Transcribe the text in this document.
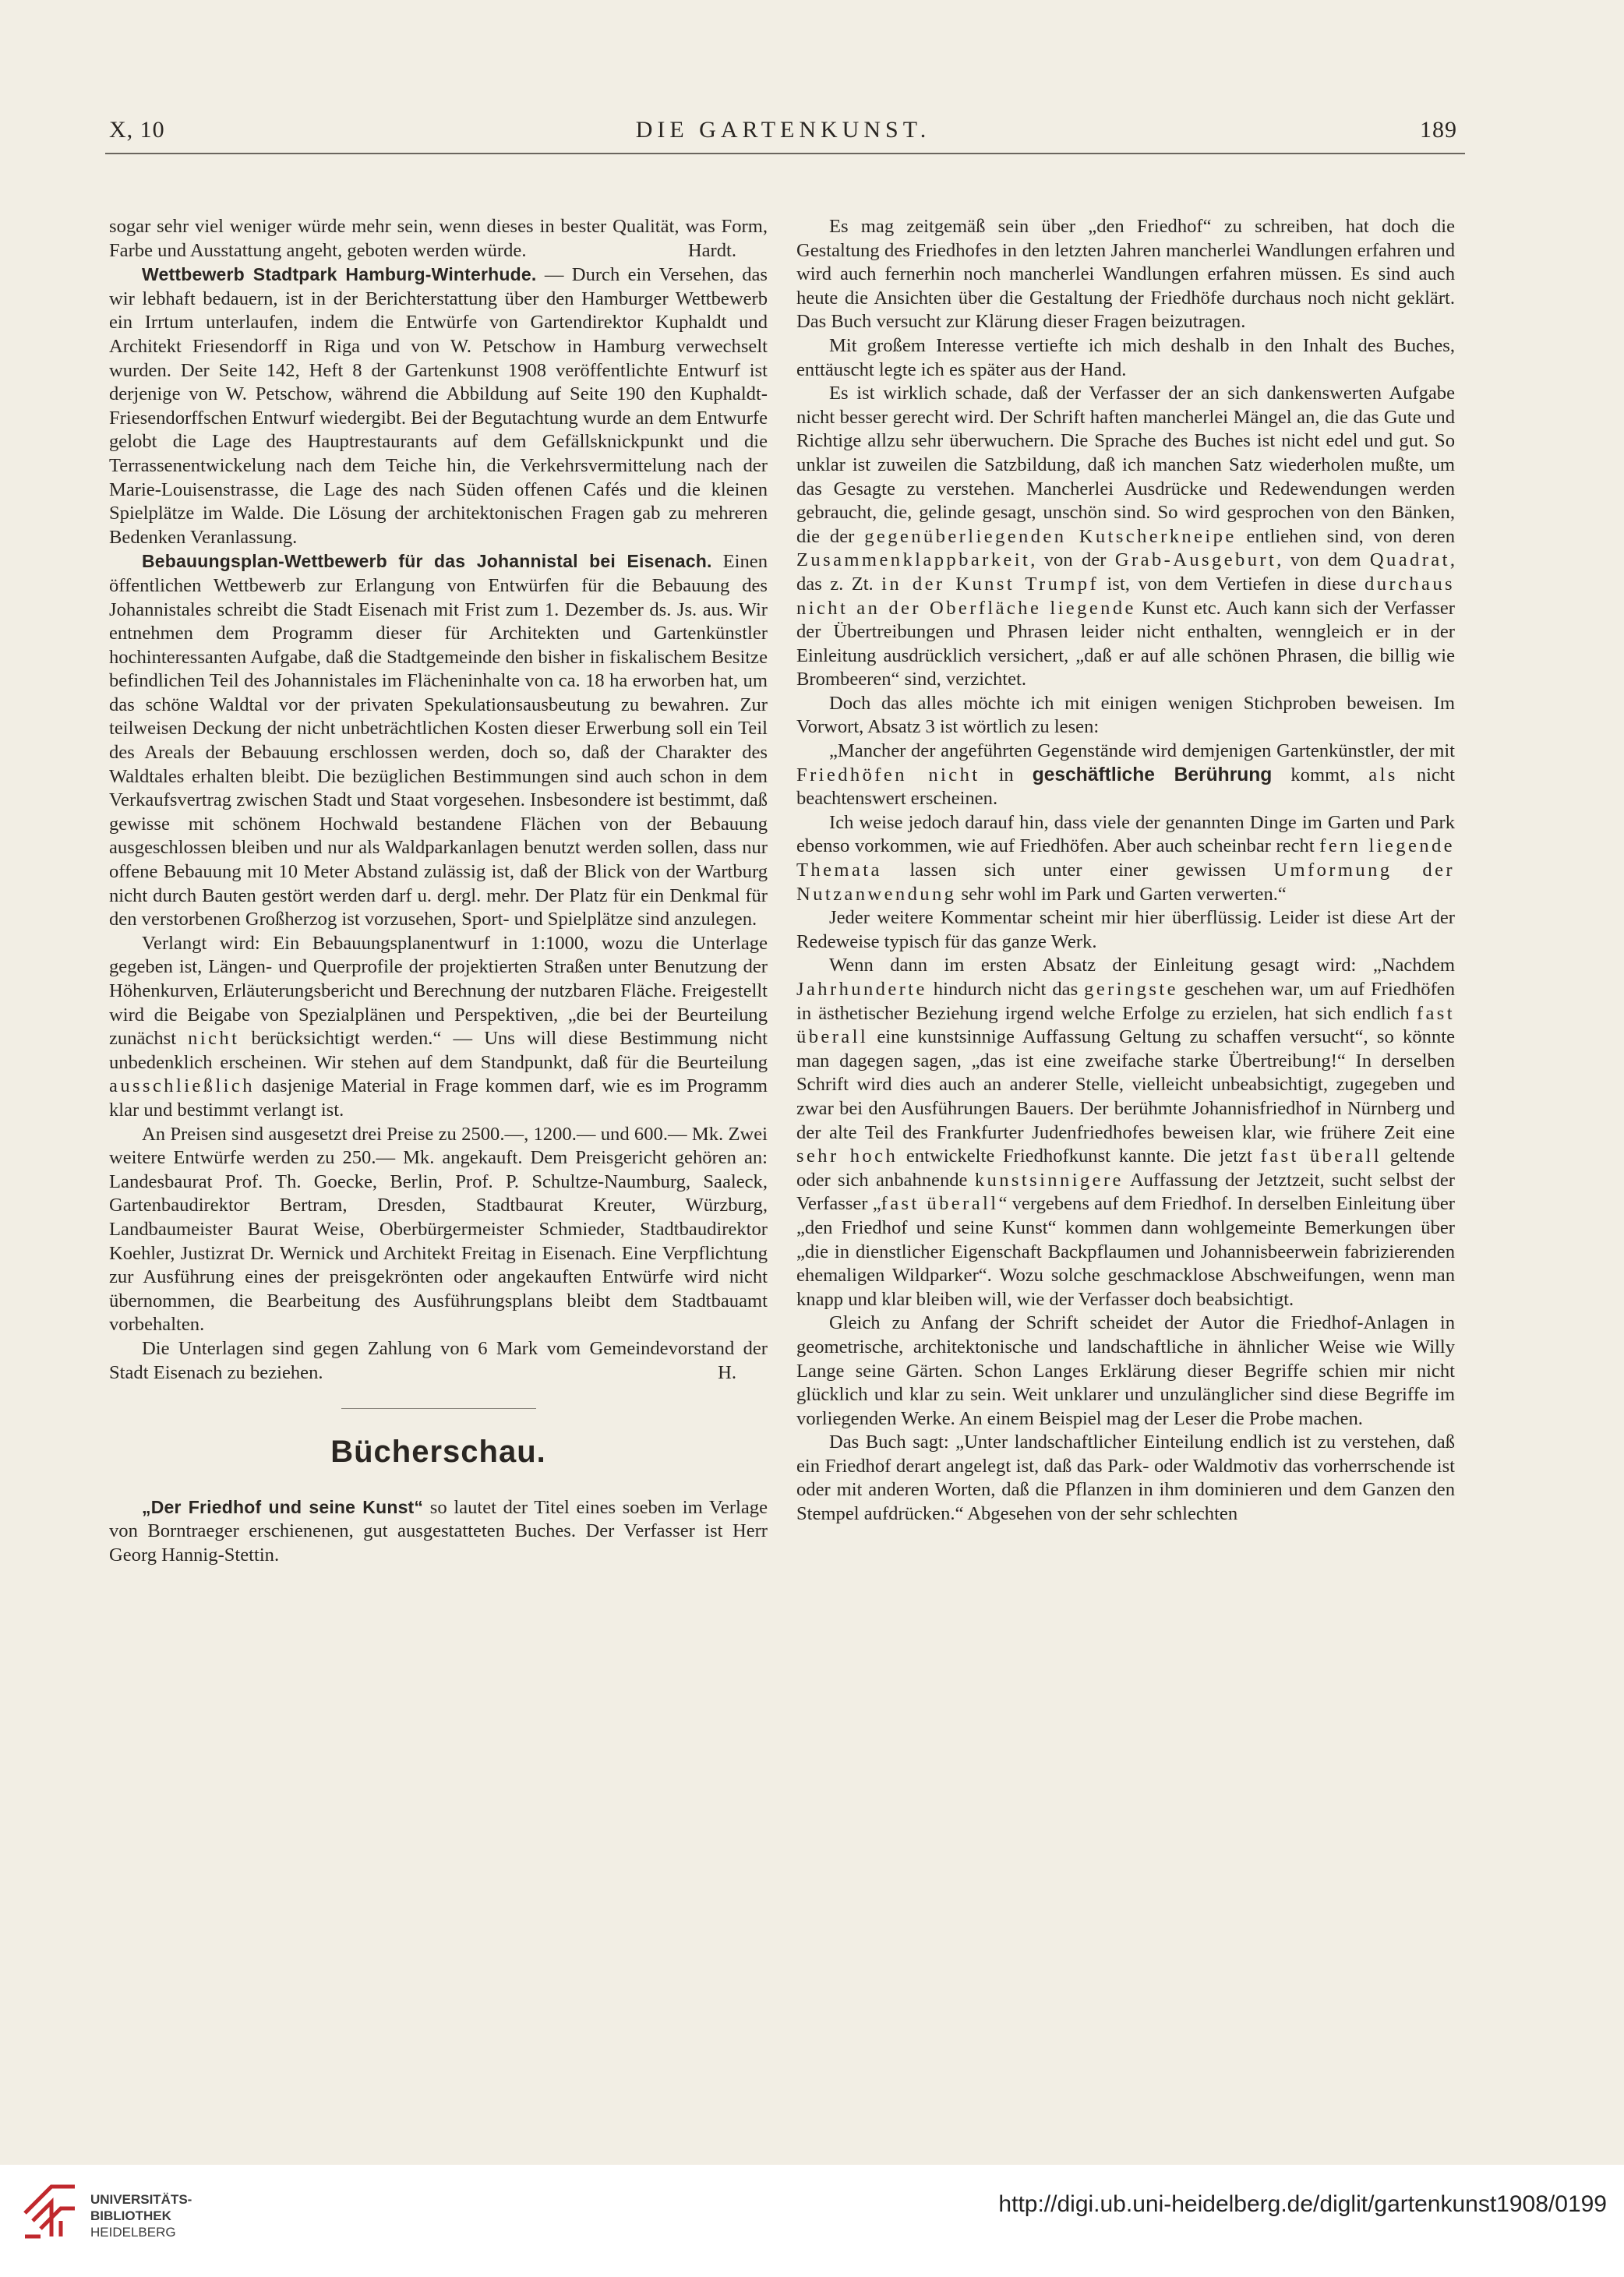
X, 10	DIE GARTENKUNST.	189

sogar sehr viel weniger würde mehr sein, wenn dieses in bester Qualität, was Form, Farbe und Ausstattung angeht, geboten werden würde.	Hardt.

Wettbewerb Stadtpark Hamburg-Winterhude. — Durch ein Versehen, das wir lebhaft bedauern, ist in der Berichterstattung über den Hamburger Wettbewerb ein Irrtum unterlaufen, indem die Entwürfe von Gartendirektor Kuphaldt und Architekt Friesendorff in Riga und von W. Petschow in Hamburg verwechselt wurden. Der Seite 142, Heft 8 der Gartenkunst 1908 veröffentlichte Entwurf ist derjenige von W. Petschow, während die Abbildung auf Seite 190 den Kuphaldt-Friesendorffschen Entwurf wiedergibt. Bei der Begutachtung wurde an dem Entwurfe gelobt die Lage des Hauptrestaurants auf dem Gefällsknickpunkt und die Terrassenentwickelung nach dem Teiche hin, die Verkehrsvermittelung nach der Marie-Louisenstrasse, die Lage des nach Süden offenen Cafés und die kleinen Spielplätze im Walde. Die Lösung der architektonischen Fragen gab zu mehreren Bedenken Veranlassung.

Bebauungsplan-Wettbewerb für das Johannistal bei Eisenach. Einen öffentlichen Wettbewerb zur Erlangung von Entwürfen für die Bebauung des Johannistales schreibt die Stadt Eisenach mit Frist zum 1. Dezember ds. Js. aus. Wir entnehmen dem Programm dieser für Architekten und Gartenkünstler hochinteressanten Aufgabe, daß die Stadtgemeinde den bisher in fiskalischem Besitze befindlichen Teil des Johannistales im Flächeninhalte von ca. 18 ha erworben hat, um das schöne Waldtal vor der privaten Spekulationsausbeutung zu bewahren. Zur teilweisen Deckung der nicht unbeträchtlichen Kosten dieser Erwerbung soll ein Teil des Areals der Bebauung erschlossen werden, doch so, daß der Charakter des Waldtales erhalten bleibt. Die bezüglichen Bestimmungen sind auch schon in dem Verkaufsvertrag zwischen Stadt und Staat vorgesehen. Insbesondere ist bestimmt, daß gewisse mit schönem Hochwald bestandene Flächen von der Bebauung ausgeschlossen bleiben und nur als Waldparkanlagen benutzt werden sollen, dass nur offene Bebauung mit 10 Meter Abstand zulässig ist, daß der Blick von der Wartburg nicht durch Bauten gestört werden darf u. dergl. mehr. Der Platz für ein Denkmal für den verstorbenen Großherzog ist vorzusehen, Sport- und Spielplätze sind anzulegen.

Verlangt wird: Ein Bebauungsplanentwurf in 1:1000, wozu die Unterlage gegeben ist, Längen- und Querprofile der projektierten Straßen unter Benutzung der Höhenkurven, Erläuterungsbericht und Berechnung der nutzbaren Fläche. Freigestellt wird die Beigabe von Spezialplänen und Perspektiven, „die bei der Beurteilung zunächst nicht berücksichtigt werden.“ — Uns will diese Bestimmung nicht unbedenklich erscheinen. Wir stehen auf dem Standpunkt, daß für die Beurteilung ausschließlich dasjenige Material in Frage kommen darf, wie es im Programm klar und bestimmt verlangt ist.

An Preisen sind ausgesetzt drei Preise zu 2500.—, 1200.— und 600.— Mk. Zwei weitere Entwürfe werden zu 250.— Mk. angekauft. Dem Preisgericht gehören an: Landesbaurat Prof. Th. Goecke, Berlin, Prof. P. Schultze-Naumburg, Saaleck, Gartenbaudirektor Bertram, Dresden, Stadtbaurat Kreuter, Würzburg, Landbaumeister Baurat Weise, Oberbürgermeister Schmieder, Stadtbaudirektor Koehler, Justizrat Dr. Wernick und Architekt Freitag in Eisenach. Eine Verpflichtung zur Ausführung eines der preisgekrönten oder angekauften Entwürfe wird nicht übernommen, die Bearbeitung des Ausführungsplans bleibt dem Stadtbauamt vorbehalten.

Die Unterlagen sind gegen Zahlung von 6 Mark vom Gemeindevorstand der Stadt Eisenach zu beziehen.	H.

Bücherschau.

„Der Friedhof und seine Kunst“ so lautet der Titel eines soeben im Verlage von Borntraeger erschienenen, gut ausgestatteten Buches. Der Verfasser ist Herr Georg Hannig-Stettin.

Es mag zeitgemäß sein über „den Friedhof“ zu schreiben, hat doch die Gestaltung des Friedhofes in den letzten Jahren mancherlei Wandlungen erfahren und wird auch fernerhin noch mancherlei Wandlungen erfahren müssen. Es sind auch heute die Ansichten über die Gestaltung der Friedhöfe durchaus noch nicht geklärt. Das Buch versucht zur Klärung dieser Fragen beizutragen.

Mit großem Interesse vertiefte ich mich deshalb in den Inhalt des Buches, enttäuscht legte ich es später aus der Hand.

Es ist wirklich schade, daß der Verfasser der an sich dankenswerten Aufgabe nicht besser gerecht wird. Der Schrift haften mancherlei Mängel an, die das Gute und Richtige allzu sehr überwuchern. Die Sprache des Buches ist nicht edel und gut. So unklar ist zuweilen die Satzbildung, daß ich manchen Satz wiederholen mußte, um das Gesagte zu verstehen. Mancherlei Ausdrücke und Redewendungen werden gebraucht, die, gelinde gesagt, unschön sind. So wird gesprochen von den Bänken, die der gegenüberliegenden Kutscherkneipe entliehen sind, von deren Zusammenklappbarkeit, von der Grab-Ausgeburt, von dem Quadrat, das z. Zt. in der Kunst Trumpf ist, von dem Vertiefen in diese durchaus nicht an der Oberfläche liegende Kunst etc. Auch kann sich der Verfasser der Übertreibungen und Phrasen leider nicht enthalten, wenngleich er in der Einleitung ausdrücklich versichert, „daß er auf alle schönen Phrasen, die billig wie Brombeeren“ sind, verzichtet.

Doch das alles möchte ich mit einigen wenigen Stichproben beweisen. Im Vorwort, Absatz 3 ist wörtlich zu lesen:

„Mancher der angeführten Gegenstände wird demjenigen Gartenkünstler, der mit Friedhöfen nicht in geschäftliche Berührung kommt, als nicht beachtenswert erscheinen.

Ich weise jedoch darauf hin, dass viele der genannten Dinge im Garten und Park ebenso vorkommen, wie auf Friedhöfen. Aber auch scheinbar recht fern liegende Themata lassen sich unter einer gewissen Umformung der Nutzanwendung sehr wohl im Park und Garten verwerten.“

Jeder weitere Kommentar scheint mir hier überflüssig. Leider ist diese Art der Redeweise typisch für das ganze Werk.

Wenn dann im ersten Absatz der Einleitung gesagt wird: „Nachdem Jahrhunderte hindurch nicht das geringste geschehen war, um auf Friedhöfen in ästhetischer Beziehung irgend welche Erfolge zu erzielen, hat sich endlich fast überall eine kunstsinnige Auffassung Geltung zu schaffen versucht“, so könnte man dagegen sagen, „das ist eine zweifache starke Übertreibung!“ In derselben Schrift wird dies auch an anderer Stelle, vielleicht unbeabsichtigt, zugegeben und zwar bei den Ausführungen Bauers. Der berühmte Johannisfriedhof in Nürnberg und der alte Teil des Frankfurter Judenfriedhofes beweisen klar, wie frühere Zeit eine sehr hoch entwickelte Friedhofkunst kannte. Die jetzt fast überall geltende oder sich anbahnende kunstsinnigere Auffassung der Jetztzeit, sucht selbst der Verfasser „fast überall“ vergebens auf dem Friedhof. In derselben Einleitung über „den Friedhof und seine Kunst“ kommen dann wohlgemeinte Bemerkungen über „die in dienstlicher Eigenschaft Backpflaumen und Johannisbeerwein fabrizierenden ehemaligen Wildparker“. Wozu solche geschmacklose Abschweifungen, wenn man knapp und klar bleiben will, wie der Verfasser doch beabsichtigt.

Gleich zu Anfang der Schrift scheidet der Autor die Friedhof-Anlagen in geometrische, architektonische und landschaftliche in ähnlicher Weise wie Willy Lange seine Gärten. Schon Langes Erklärung dieser Begriffe schien mir nicht glücklich und klar zu sein. Weit unklarer und unzulänglicher sind diese Begriffe im vorliegenden Werke. An einem Beispiel mag der Leser die Probe machen.

Das Buch sagt: „Unter landschaftlicher Einteilung endlich ist zu verstehen, daß ein Friedhof derart angelegt ist, daß das Park- oder Waldmotiv das vorherrschende ist oder mit anderen Worten, daß die Pflanzen in ihm dominieren und dem Ganzen den Stempel aufdrücken.“ Abgesehen von der sehr schlechten

UNIVERSITÄTS-
BIBLIOTHEK
HEIDELBERG
http://digi.ub.uni-heidelberg.de/diglit/gartenkunst1908/0199
